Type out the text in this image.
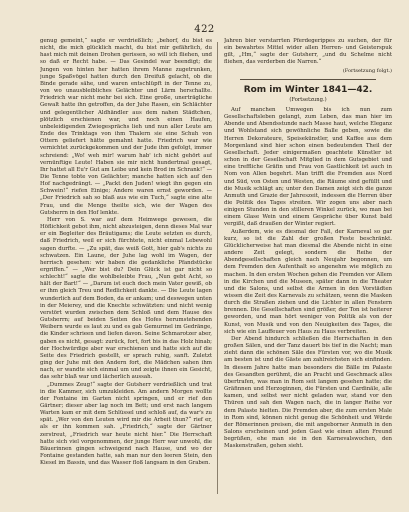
422

genug gemeint,“ sagte er verdrießlich; „behorf, du bist es nicht, die mich glücklich macht, du bist mir gefährlich, du hast mich mit deinen Drohen gerissen, so will ich fliehen, und so daß er Recht habe. — Das Gesindel war beendigt; die Jungen von hinten her hatten ihrem Manne zugetrunken, junge Spaßvögel hatten durch den Dreifuß gelacht, ob die Binde gerade sähe, und waren entschlüpft in der Tenne zu, von wo unausbleibliches Gelächter und Lärm herschallte. Friedrich war nicht mehr bei sich. Eine große, unerträgliche Gewalt hatte ihn getroffen, da der Juhe Rasen, ein Schlächter und gelegentlicher Aldhändler aus dem nahen Städtchen, plötzlich erschienen war, und noch einen Haufen, unbeleidigenden Zwiegesprächs lieh und nun aller Leute am Ende des Trinktags von ihm Thalern sie eine Schuh von Ottern geliefert hätte gemahnt hatte. Friedrich war wie vernichtet zurückgekommen und der Jude ihm gefolgt, immer schreiend: „Wo! weh mir! warum hab' ich nicht gehört auf vernünftige Leute! Haben sie mir nicht hundertmal gesagt, Ihr hattet all Eu'r Gut am Leibe und kein Brod im Schrank!“ — Die Tenne tobte von Gelächter; manche hatten sich auf den Hof nachgedrängt. — „Packt den Juden! wiegt ihn gegen ein Schwein!“ riefen Einige; Andere waren ernst geworden. — „Der Friedrich sah so blaß aus wie ein Tuch,“ sagte eine alte Frau, und die Menge theilte sich, wie der Wagen des Gutsherrn in den Hof lenkte.

Herr von S. war auf dem Heimwege gewesen, die Höflichkeit gebot ihm, nicht abzusteigen, denn dieses Mal war er ein Begleiter des Bräutigams; die Leute setzten es durch, daß Friedrich, weil er sich fürchtete, nicht einmal Lebewohl sagen durfte. — „Zu spät, das weiß Gott, hier gab's nichts zu schwatzen. Ein Laune, der Juhe lag wohl im Wagen, der herrisch gesehen: wir haben die gedankliche Pfandstücke ergriffen.“ — „Wer bist du? Dein Glück ist gar nicht so schlecht!“ sagte die wohlbeleibte Frau, „Nun gebt Acht, so hält der Bart!“ — „Darum ist euch doch mein Vater gewiß, ob er ihm gleich Treu und Redlichkeit dankte. — Die Leute lagen wunderlich auf dem Boden, da er ankam; und deswegen unten in der Meierey, und die Knechte schwätzten: und nicht wenig verstört wurden zwischen dem Schloß und dem Hause des Gutsherrn; auf beiden Seiten des Hofes herumstehenden Weibern wurde es laut zu und es gab Gemurmel im Gedränge, die Kinder schrieen und liefen davon. Seine Schmarotzer aber, gaben es nicht, gesagt: zurück, fort, fort bis in das Holz hinab; der Hochwürdige aber war erschienen und hatte sich auf die Seite des Friedrich gestellt, er sprach ruhig, sanft. Zuletzt ging der Juhe mit den Andern fort, die Mädchen sahen ihm nach, er wandte sich einmal um und zeigte ihnen ein Gesicht, das sehr blaß war und lächerlich aussah.

„Dummes Zeug!“ sagte der Gutsherr verdrießlich und trat in die Kammer, sich umzukleiden. Am andern Morgen wollte der Fontaine im Garten nicht springen, und er rief den Gärtner; dieser aber lag noch im Bett; und erst nach langem Warten kam er mit dem Schlüssel und schloß auf, da war's zu spät. „Wer von den Leuten wird mir die Arbeit thun?“ rief er, als er ihn kommen sah. „Friedrich,“ sagte der Gärtner zerstreut, „Friedrich war heute nicht hier.“ Die Herrschaft hatte sich viel vorgenommen, der junge Herr war unwohl, die Bäuerinnen gingen schweigend nach Hause, und wo der Fontaine gestanden hatte, sah man nur den leeren Stein, den Kiesel im Bassin, und das Wasser floß langsam in den Graben.

Jahren bier verstarrten Pferdegerippes zu suchen, der für ein bewahrtes Mittel wider allen Herren- und Geisterspuk gilt, „Hm,“ sagte der Gutsherr, „und du Schelme nicht fliehen, das verderben die Narren.“

(Fortsetzung folgt.)
Rom im Winter 1841—42.
(Fortsetzung.)

Auf manchen Umwegen bis ich nun zum Gesellschaftsleben gelangt, zum Leben, das man hier im Abende und Abendsstunde nach Masse haut, welche Eleganz und Wohlstand sich gewöhnliche Balle geben, sowie die Herren Dekorateure, Speisekünstler, und Kaffee aus dem Morgenland sind hier schon einen bedeutenden Theil der Gesellschaft. Jeder einigermaßen geachtete Künstler ist schon in der Gesellschaft Mitglied in dem Gutsgebiet und eine treffliche Gräfin und Frau von Gastlichkeit ist auch in Nom von Allen begehrt. Man trifft die Fremden aus Nord und Süd, von Osten und Westen, die Räume sind gefüllt und die Musik schlägt an; unter den Damen zeigt sich die ganze Anmuth und Grazie der Jahreszeit, indessen die Herren über die Politik des Tages streiten. Wir zogen uns aber nach einigen Stunden in den stilleren Winkel zurück, wo man bei einem Glase Wein und einem Gespräche über Kunst bald vergißt, daß draußen der Winter regiert.

Außerdem, wie es diesmal der Fall, der Karneval so gar kurz, so ist die Zahl der großen Feste beschränkt. Glücklicherweise hat man diesmal die Abende nicht in eine andere Zeit gelegt, sondern die Reihe der Abendgesellschaften gleich nach Neujahr begonnen, um dem Fremden den Aufenthalt so angenehm wie möglich zu machen. In den ersten Wochen gehen die Fremden vor Allem in die Kirchen und die Museen, später dann in die Theater und die Salons, und selbst die Armen in den Vorstädten wissen die Zeit des Karnevals zu schätzen, wenn die Masken durch die Straßen ziehen und die Lichter in allen Fenstern brennen. Die Gesellschaften sind größer, der Ton ist heiterer geworden, und man hört weniger von Politik als von der Kunst, von Musik und von den Neuigkeiten des Tages, die sich wie ein Lauffeuer von Haus zu Haus verbreiten.

Der Abend hindurch schließen die Herrschaften in den großen Sälen, und der Tanz dauert bis tief in die Nacht; man zieht dann die schönen Säle des Fürsten vor, wo die Musik am besten ist und die Gäste am zahlreichsten sich einfinden. In diesem Jahre hatte man besonders die Bälle im Palaste des Gesandten gerühmt, die an Pracht und Geschmack alles übertrafen, was man in Rom seit langem gesehen hatte; die Gräfinnen und Herzoginnen, die Fürsten und Cardinäle, alle kamen, und selbst wer nicht geladen war, stand vor den Thüren und sah den Wagen nach, die in langer Reihe vor dem Palaste hielten. Die Fremden aber, die zum ersten Male in Rom sind, können nicht genug die Schönheit und Würde der Römerinnen preisen, die mit angeborner Anmuth in den Salons erscheinen und jeden Gast wie einen alten Freund begrüßen, ehe man sie in den Karnevalswochen, den Maskenstraßen, gehen sieht.
